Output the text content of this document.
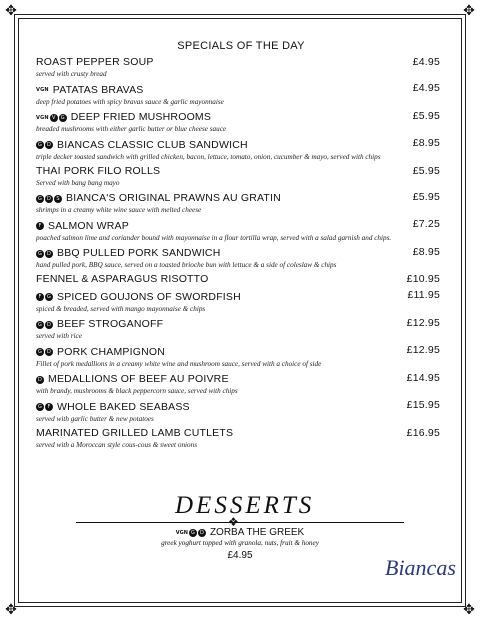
✥	✥
✥	✥
SPECIALS OF THE DAY
ROAST PEPPER SOUP	£4.95
served with crusty bread
VGN PATATAS BRAVAS	£4.95
deep fried potatoes with spicy bravas sauce & garlic mayonnaise
VGN V	G DEEP FRIED MUSHROOMS	£5.95
breaded mushrooms with either garlic butter or blue cheese sauce
G D BIANCAS CLASSIC CLUB SANDWICH	£8.95
triple decker toasted sandwich with grilled chicken, bacon, lettuce, tomato, onion, cucumber & mayo, served with chips
THAI PORK FILO ROLLS	£5.95
Served with bang bang mayo
G D	S BIANCA'S ORIGINAL PRAWNS AU GRATIN	£5.95
shrimps in a creamy white wine sauce with melted cheese
F SALMON WRAP	£7.25
poached salmon lime and coriander bound with mayonnaise in a flour tortilla wrap, served with a salad garnish and chips.
G D BBQ PULLED PORK SANDWICH	£8.95
hand pulled pork, BBQ sauce, served on a toasted brioche bun with lettuce & a side of coleslaw & chips
FENNEL & ASPARAGUS RISOTTO	£10.95
F	G SPICED GOUJONS OF SWORDFISH	£11.95
spiced & breaded, served with mango mayonnaise & chips
G D BEEF STROGANOFF	£12.95
served with rice
G D PORK CHAMPIGNON	£12.95
Fillet of pork medallions in a creamy white wine and mushroom sauce, served with a choice of side
D MEDALLIONS OF BEEF AU POIVRE	£14.95
with brandy, mushrooms & black peppercorn sauce, served with chips
G	F WHOLE BAKED SEABASS	£15.95
served with garlic butter & new potatoes
MARINATED GRILLED LAMB CUTLETS	£16.95
served with a Moroccan style cous-cous & sweet onions
DESSERTS
❖
VGN G	D ZORBA THE GREEK
greek yoghurt topped with granola, nuts, fruit & honey
£4.95	Biancas
